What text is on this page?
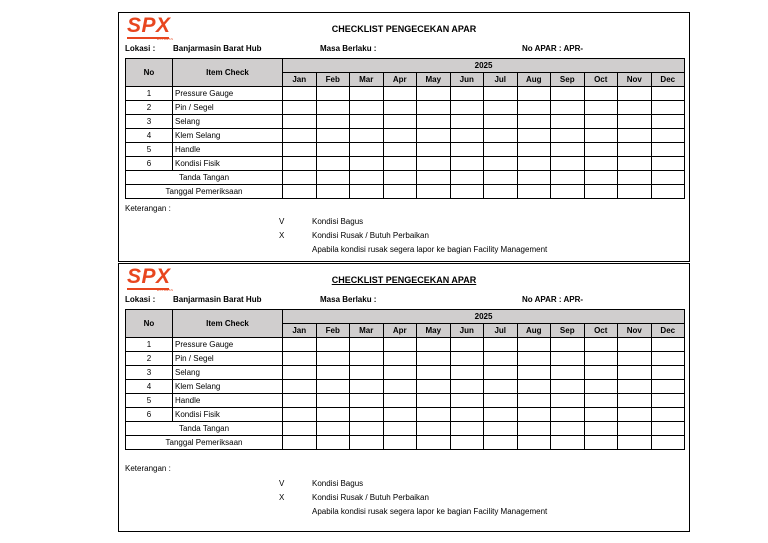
SPX
EXPRESS
CHECKLIST PENGECEKAN APAR
Lokasi : Banjarmasin Barat Hub	Masa Berlaku :	No APAR : APR-
No	Item Check	2025											
		Jan	Feb	Mar	Apr	May	Jun	Jul	Aug	Sep	Oct	Nov	Dec
1	Pressure Gauge												
2	Pin / Segel												
3	Selang												
4	Klem Selang												
5	Handle												
6	Kondisi Fisik												
Tanda Tangan													
Tanggal Pemeriksaan													
Keterangan :
V	Kondisi Bagus
X	Kondisi Rusak / Butuh Perbaikan
Apabila kondisi rusak segera lapor ke bagian Facility Management
SPX
EXPRESS
CHECKLIST PENGECEKAN APAR
Lokasi : Banjarmasin Barat Hub	Masa Berlaku :	No APAR : APR-
No	Item Check	2025											
		Jan	Feb	Mar	Apr	May	Jun	Jul	Aug	Sep	Oct	Nov	Dec
1	Pressure Gauge												
2	Pin / Segel												
3	Selang												
4	Klem Selang												
5	Handle												
6	Kondisi Fisik												
Tanda Tangan													
Tanggal Pemeriksaan													
Keterangan :
V	Kondisi Bagus
X	Kondisi Rusak / Butuh Perbaikan
Apabila kondisi rusak segera lapor ke bagian Facility Management
